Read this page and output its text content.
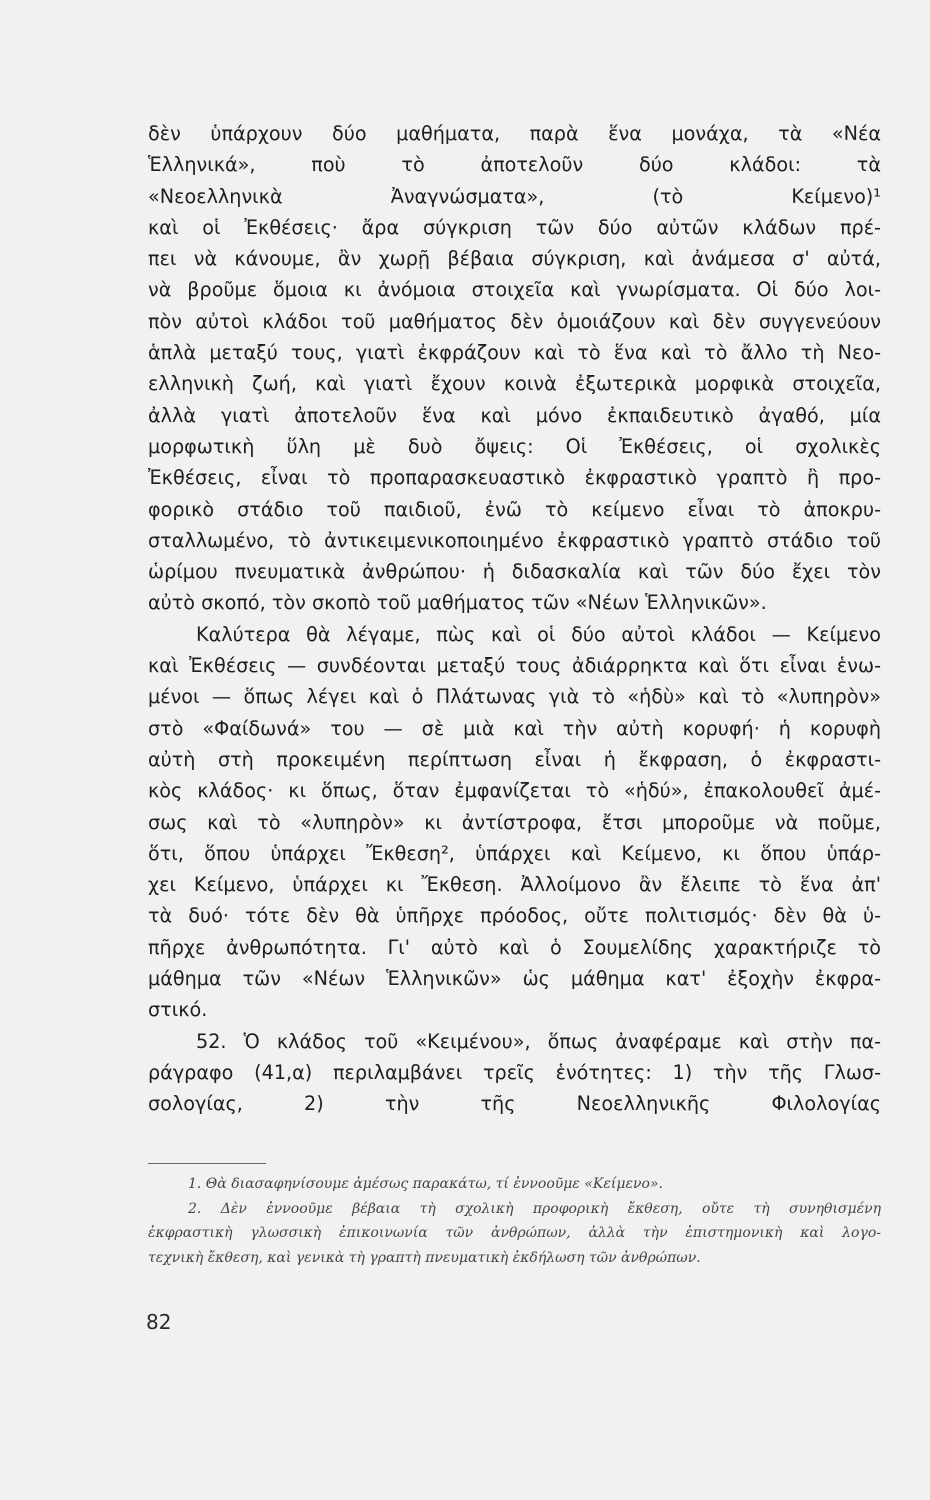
δὲν ὑπάρχουν δύο μαθήματα, παρὰ ἕνα μονάχα, τὰ «Νέα
Ἑλληνικά», ποὺ τὸ ἀποτελοῦν δύο κλάδοι: τὰ
«Νεοελληνικὰ Ἀναγνώσματα», (τὸ Κείμενο)¹
καὶ οἱ Ἐκθέσεις· ἄρα σύγκριση τῶν δύο αὐτῶν κλάδων πρέ-
πει νὰ κάνουμε, ἂν χωρῇ βέβαια σύγκριση, καὶ ἀνάμεσα σ' αὐτά,
νὰ βροῦμε ὅμοια κι ἀνόμοια στοιχεῖα καὶ γνωρίσματα. Οἱ δύο λοι-
πὸν αὐτοὶ κλάδοι τοῦ μαθήματος δὲν ὁμοιάζουν καὶ δὲν συγγενεύουν
ἁπλὰ μεταξύ τους, γιατὶ ἐκφράζουν καὶ τὸ ἕνα καὶ τὸ ἄλλο τὴ Νεο-
ελληνικὴ ζωή, καὶ γιατὶ ἔχουν κοινὰ ἐξωτερικὰ μορφικὰ στοιχεῖα,
ἀλλὰ γιατὶ ἀποτελοῦν ἕνα καὶ μόνο ἐκπαιδευτικὸ ἀγαθό, μία
μορφωτικὴ ὕλη μὲ δυὸ ὄψεις: Οἱ Ἐκθέσεις, οἱ σχολικὲς
Ἐκθέσεις, εἶναι τὸ προπαρασκευαστικὸ ἐκφραστικὸ γραπτὸ ἢ προ-
φορικὸ στάδιο τοῦ παιδιοῦ, ἐνῶ τὸ κείμενο εἶναι τὸ ἀποκρυ-
σταλλωμένο, τὸ ἀντικειμενικοποιημένο ἐκφραστικὸ γραπτὸ στάδιο τοῦ
ὡρίμου πνευματικὰ ἀνθρώπου· ἡ διδασκαλία καὶ τῶν δύο ἔχει τὸν
αὐτὸ σκοπό, τὸν σκοπὸ τοῦ μαθήματος τῶν «Νέων Ἑλληνικῶν».
Καλύτερα θὰ λέγαμε, πὼς καὶ οἱ δύο αὐτοὶ κλάδοι — Κείμενο
καὶ Ἐκθέσεις — συνδέονται μεταξύ τους ἀδιάρρηκτα καὶ ὅτι εἶναι ἑνω-
μένοι — ὅπως λέγει καὶ ὁ Πλάτωνας γιὰ τὸ «ἡδὺ» καὶ τὸ «λυπηρὸν»
στὸ «Φαίδωνά» του — σὲ μιὰ καὶ τὴν αὐτὴ κορυφή· ἡ κορυφὴ
αὐτὴ στὴ προκειμένη περίπτωση εἶναι ἡ ἔκφραση, ὁ ἐκφραστι-
κὸς κλάδος· κι ὅπως, ὅταν ἐμφανίζεται τὸ «ἡδύ», ἐπακολουθεῖ ἀμέ-
σως καὶ τὸ «λυπηρὸν» κι ἀντίστροφα, ἔτσι μποροῦμε νὰ ποῦμε,
ὅτι, ὅπου ὑπάρχει Ἔκθεση², ὑπάρχει καὶ Κείμενο, κι ὅπου ὑπάρ-
χει Κείμενο, ὑπάρχει κι Ἔκθεση. Ἀλλοίμονο ἂν ἔλειπε τὸ ἕνα ἀπ'
τὰ δυό· τότε δὲν θὰ ὑπῆρχε πρόοδος, οὔτε πολιτισμός· δὲν θὰ ὑ-
πῆρχε ἀνθρωπότητα. Γι' αὐτὸ καὶ ὁ Σουμελίδης χαρακτήριζε τὸ
μάθημα τῶν «Νέων Ἑλληνικῶν» ὡς μάθημα κατ' ἐξοχὴν ἐκφρα-
στικό.
52. Ὁ κλάδος τοῦ «Κειμένου», ὅπως ἀναφέραμε καὶ στὴν πα-
ράγραφο (41,α) περιλαμβάνει τρεῖς ἑνότητες: 1) τὴν τῆς Γλωσ-
σολογίας, 2) τὴν τῆς Νεοελληνικῆς Φιλολογίας
1. Θὰ διασαφηνίσουμε ἀμέσως παρακάτω, τί ἐννοοῦμε «Κείμενο».
2. Δὲν ἐννοοῦμε βέβαια τὴ σχολικὴ προφορικὴ ἔκθεση, οὔτε τὴ συνηθισμένη
ἐκφραστικὴ γλωσσικὴ ἐπικοινωνία τῶν ἀνθρώπων, ἀλλὰ τὴν ἐπιστημονικὴ καὶ λογο-
τεχνικὴ ἔκθεση, καὶ γενικὰ τὴ γραπτὴ πνευματικὴ ἐκδήλωση τῶν ἀνθρώπων.
82
